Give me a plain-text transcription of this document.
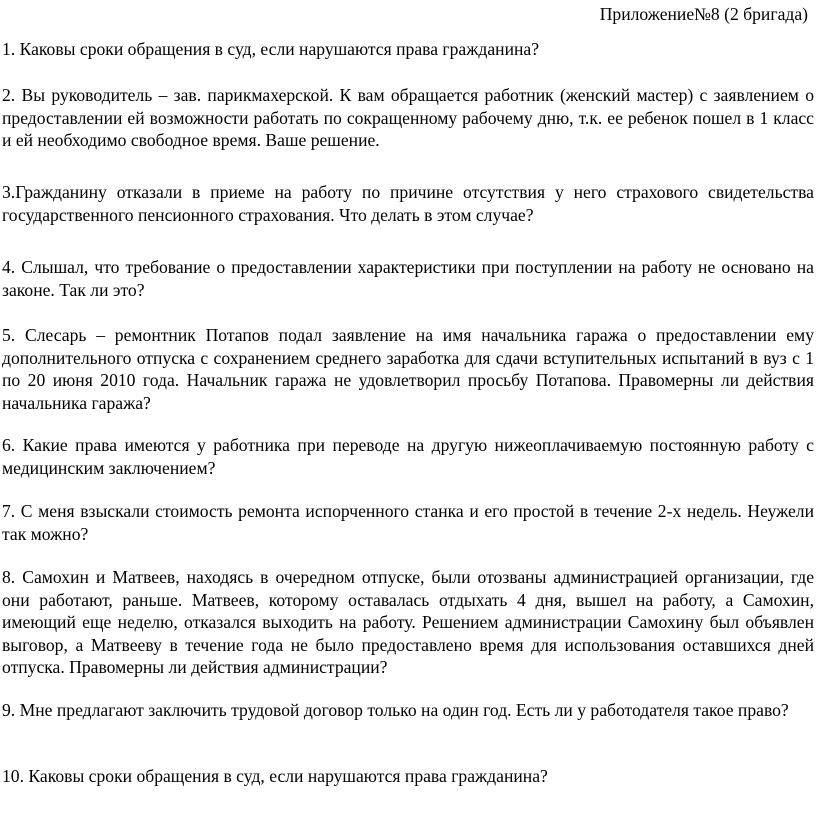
Приложение№8 (2 бригада)

1. Каковы сроки обращения в суд, если нарушаются права гражданина?

2. Вы руководитель – зав. парикмахерской. К вам обращается работник (женский мастер) с заявлением о предоставлении ей возможности работать по сокращенному рабочему дню, т.к. ее ребенок пошел в 1 класс и ей необходимо свободное время. Ваше решение.

3.Гражданину отказали в приеме на работу по причине отсутствия у него страхового свидетельства государственного пенсионного страхования. Что делать в этом случае?

4. Слышал, что требование о предоставлении характеристики при поступлении на работу не основано на законе. Так ли это?

5. Слесарь – ремонтник Потапов подал заявление на имя начальника гаража о предоставлении ему дополнительного отпуска с сохранением среднего заработка для сдачи вступительных испытаний в вуз с 1 по 20 июня 2010 года. Начальник гаража не удовлетворил просьбу Потапова. Правомерны ли действия начальника гаража?

6. Какие права имеются у работника при переводе на другую нижеоплачиваемую постоянную работу с медицинским заключением?

7. С меня взыскали стоимость ремонта испорченного станка и его простой в течение 2-х недель. Неужели так можно?

8. Самохин и Матвеев, находясь в очередном отпуске, были отозваны администрацией организации, где они работают, раньше. Матвеев, которому оставалась отдыхать 4 дня, вышел на работу, а Самохин, имеющий еще неделю, отказался выходить на работу. Решением администрации Самохину был объявлен выговор, а Матвееву в течение года не было предоставлено время для использования оставшихся дней отпуска. Правомерны ли действия администрации?

9. Мне предлагают заключить трудовой договор только на один год. Есть ли у работодателя такое право?

10. Каковы сроки обращения в суд, если нарушаются права гражданина?
